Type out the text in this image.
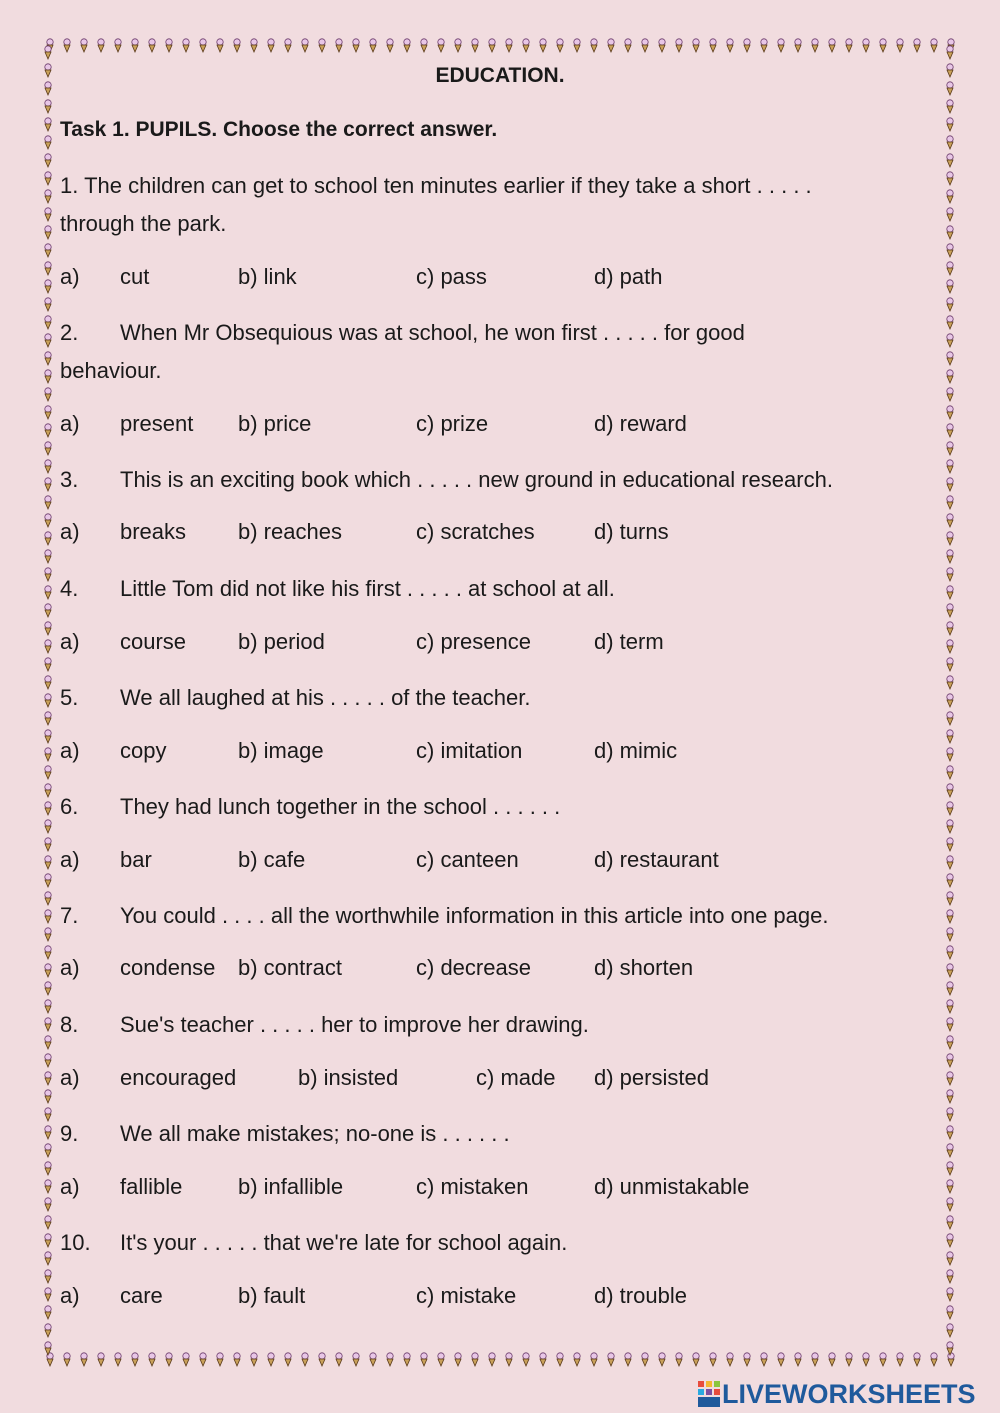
EDUCATION.
Task 1. PUPILS. Choose the correct answer.
1. The children can get to school ten minutes earlier if they take a short . . . . .
through the park.
a) cut	b) link	c) pass	d) path
2. When Mr Obsequious was at school, he won first . . . . . for good
behaviour.
a) present b) price	c) prize	d) reward
3. This is an exciting book which . . . . . new ground in educational research.
a) breaks b) reaches	c) scratches	d) turns
4. Little Tom did not like his first . . . . . at school at all.
a) course b) period	c) presence	d) term
5. We all laughed at his . . . . . of the teacher.
a) copy	b) image	c) imitation	d) mimic
6. They had lunch together in the school . . . . . .
a) bar	b) cafe	c) canteen	d) restaurant
7. You could . . . . all the worthwhile information in this article into one page.
a) condense b) contract	c) decrease	d) shorten
8. Sue's teacher . . . . . her to improve her drawing.
a) encouraged	b) insisted	c) made d) persisted
9. We all make mistakes; no-one is . . . . . .
a) fallible	b) infallible	c) mistaken	d) unmistakable
10. It's your . . . . . that we're late for school again.
a) care	b) fault	c) mistake	d) trouble
LIVEWORKSHEETS
